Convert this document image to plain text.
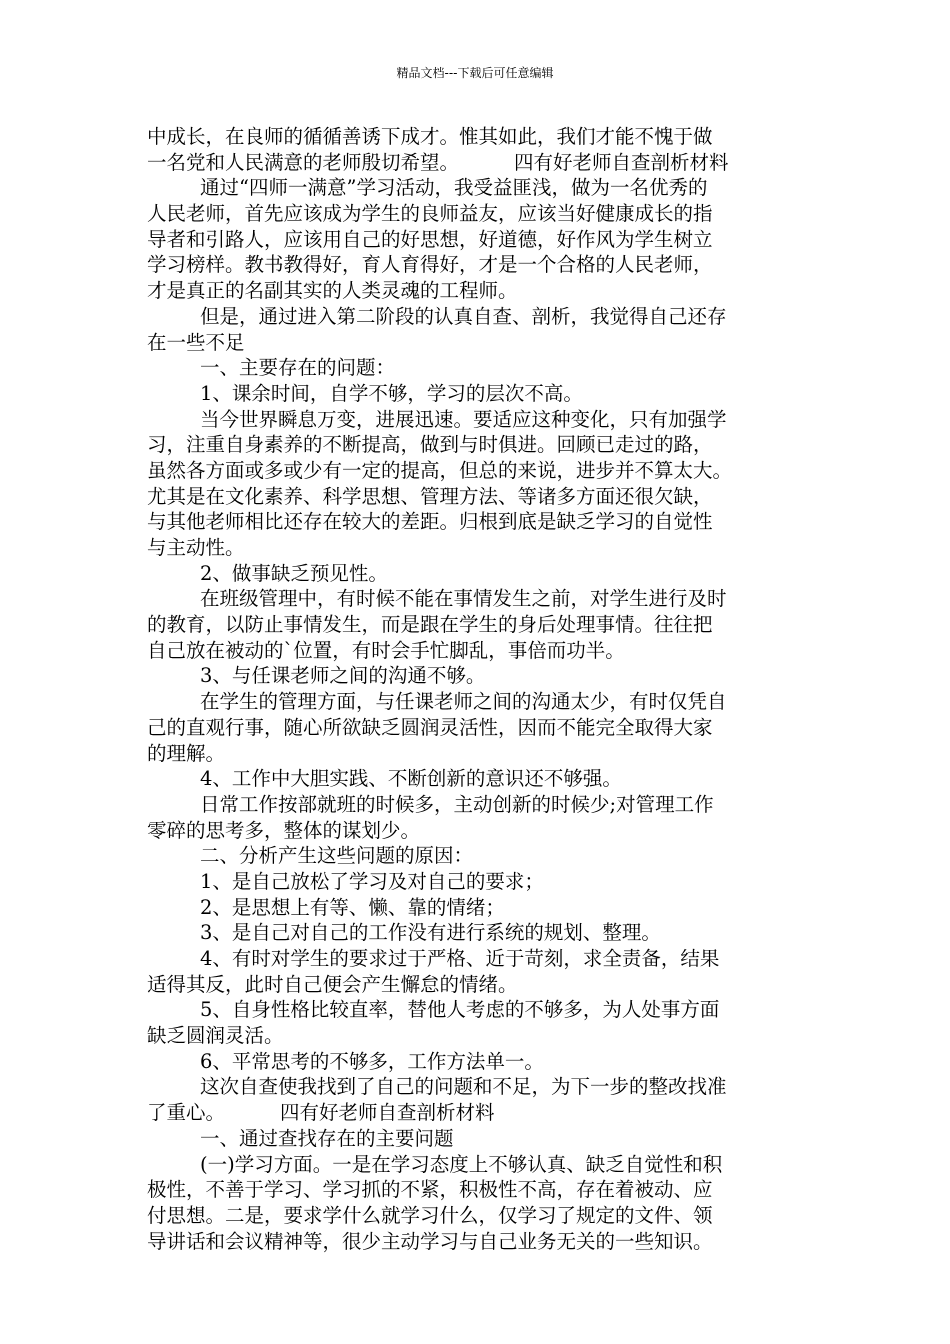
精品文档---下载后可任意编辑
中成长，在良师的循循善诱下成才。惟其如此，我们才能不愧于做
一名党和人民满意的老师殷切希望。　　　 四有好老师自查剖析材料
通过“四师一满意”学习活动，我受益匪浅，做为一名优秀的
人民老师，首先应该成为学生的良师益友，应该当好健康成长的指
导者和引路人，应该用自己的好思想，好道德，好作风为学生树立
学习榜样。教书教得好，育人育得好，才是一个合格的人民老师，
才是真正的名副其实的人类灵魂的工程师。
但是，通过进入第二阶段的认真自查、剖析，我觉得自己还存
在一些不足
一、主要存在的问题：
1、课余时间，自学不够，学习的层次不高。
当今世界瞬息万变，进展迅速。要适应这种变化，只有加强学
习，注重自身素养的不断提高，做到与时俱进。回顾已走过的路，
虽然各方面或多或少有一定的提高，但总的来说，进步并不算太大。
尤其是在文化素养、科学思想、管理方法、等诸多方面还很欠缺，
与其他老师相比还存在较大的差距。归根到底是缺乏学习的自觉性
与主动性。
2、做事缺乏预见性。
在班级管理中，有时候不能在事情发生之前，对学生进行及时
的教育，以防止事情发生，而是跟在学生的身后处理事情。往往把
自己放在被动的`位置，有时会手忙脚乱，事倍而功半。
3、与任课老师之间的沟通不够。
在学生的管理方面，与任课老师之间的沟通太少，有时仅凭自
己的直观行事，随心所欲缺乏圆润灵活性，因而不能完全取得大家
的理解。
4、工作中大胆实践、不断创新的意识还不够强。
日常工作按部就班的时候多，主动创新的时候少;对管理工作
零碎的思考多，整体的谋划少。
二、分析产生这些问题的原因：
1、是自己放松了学习及对自己的要求；
2、是思想上有等、懒、靠的情绪；
3、是自己对自己的工作没有进行系统的规划、整理。
4、有时对学生的要求过于严格、近于苛刻，求全责备，结果
适得其反，此时自己便会产生懈怠的情绪。
5、自身性格比较直率，替他人考虑的不够多，为人处事方面
缺乏圆润灵活。
6、平常思考的不够多，工作方法单一。
这次自查使我找到了自己的问题和不足，为下一步的整改找准
了重心。　　　 四有好老师自查剖析材料
一、通过查找存在的主要问题
(一)学习方面。一是在学习态度上不够认真、缺乏自觉性和积
极性，不善于学习、学习抓的不紧，积极性不高，存在着被动、应
付思想。二是，要求学什么就学习什么，仅学习了规定的文件、领
导讲话和会议精神等，很少主动学习与自己业务无关的一些知识。
